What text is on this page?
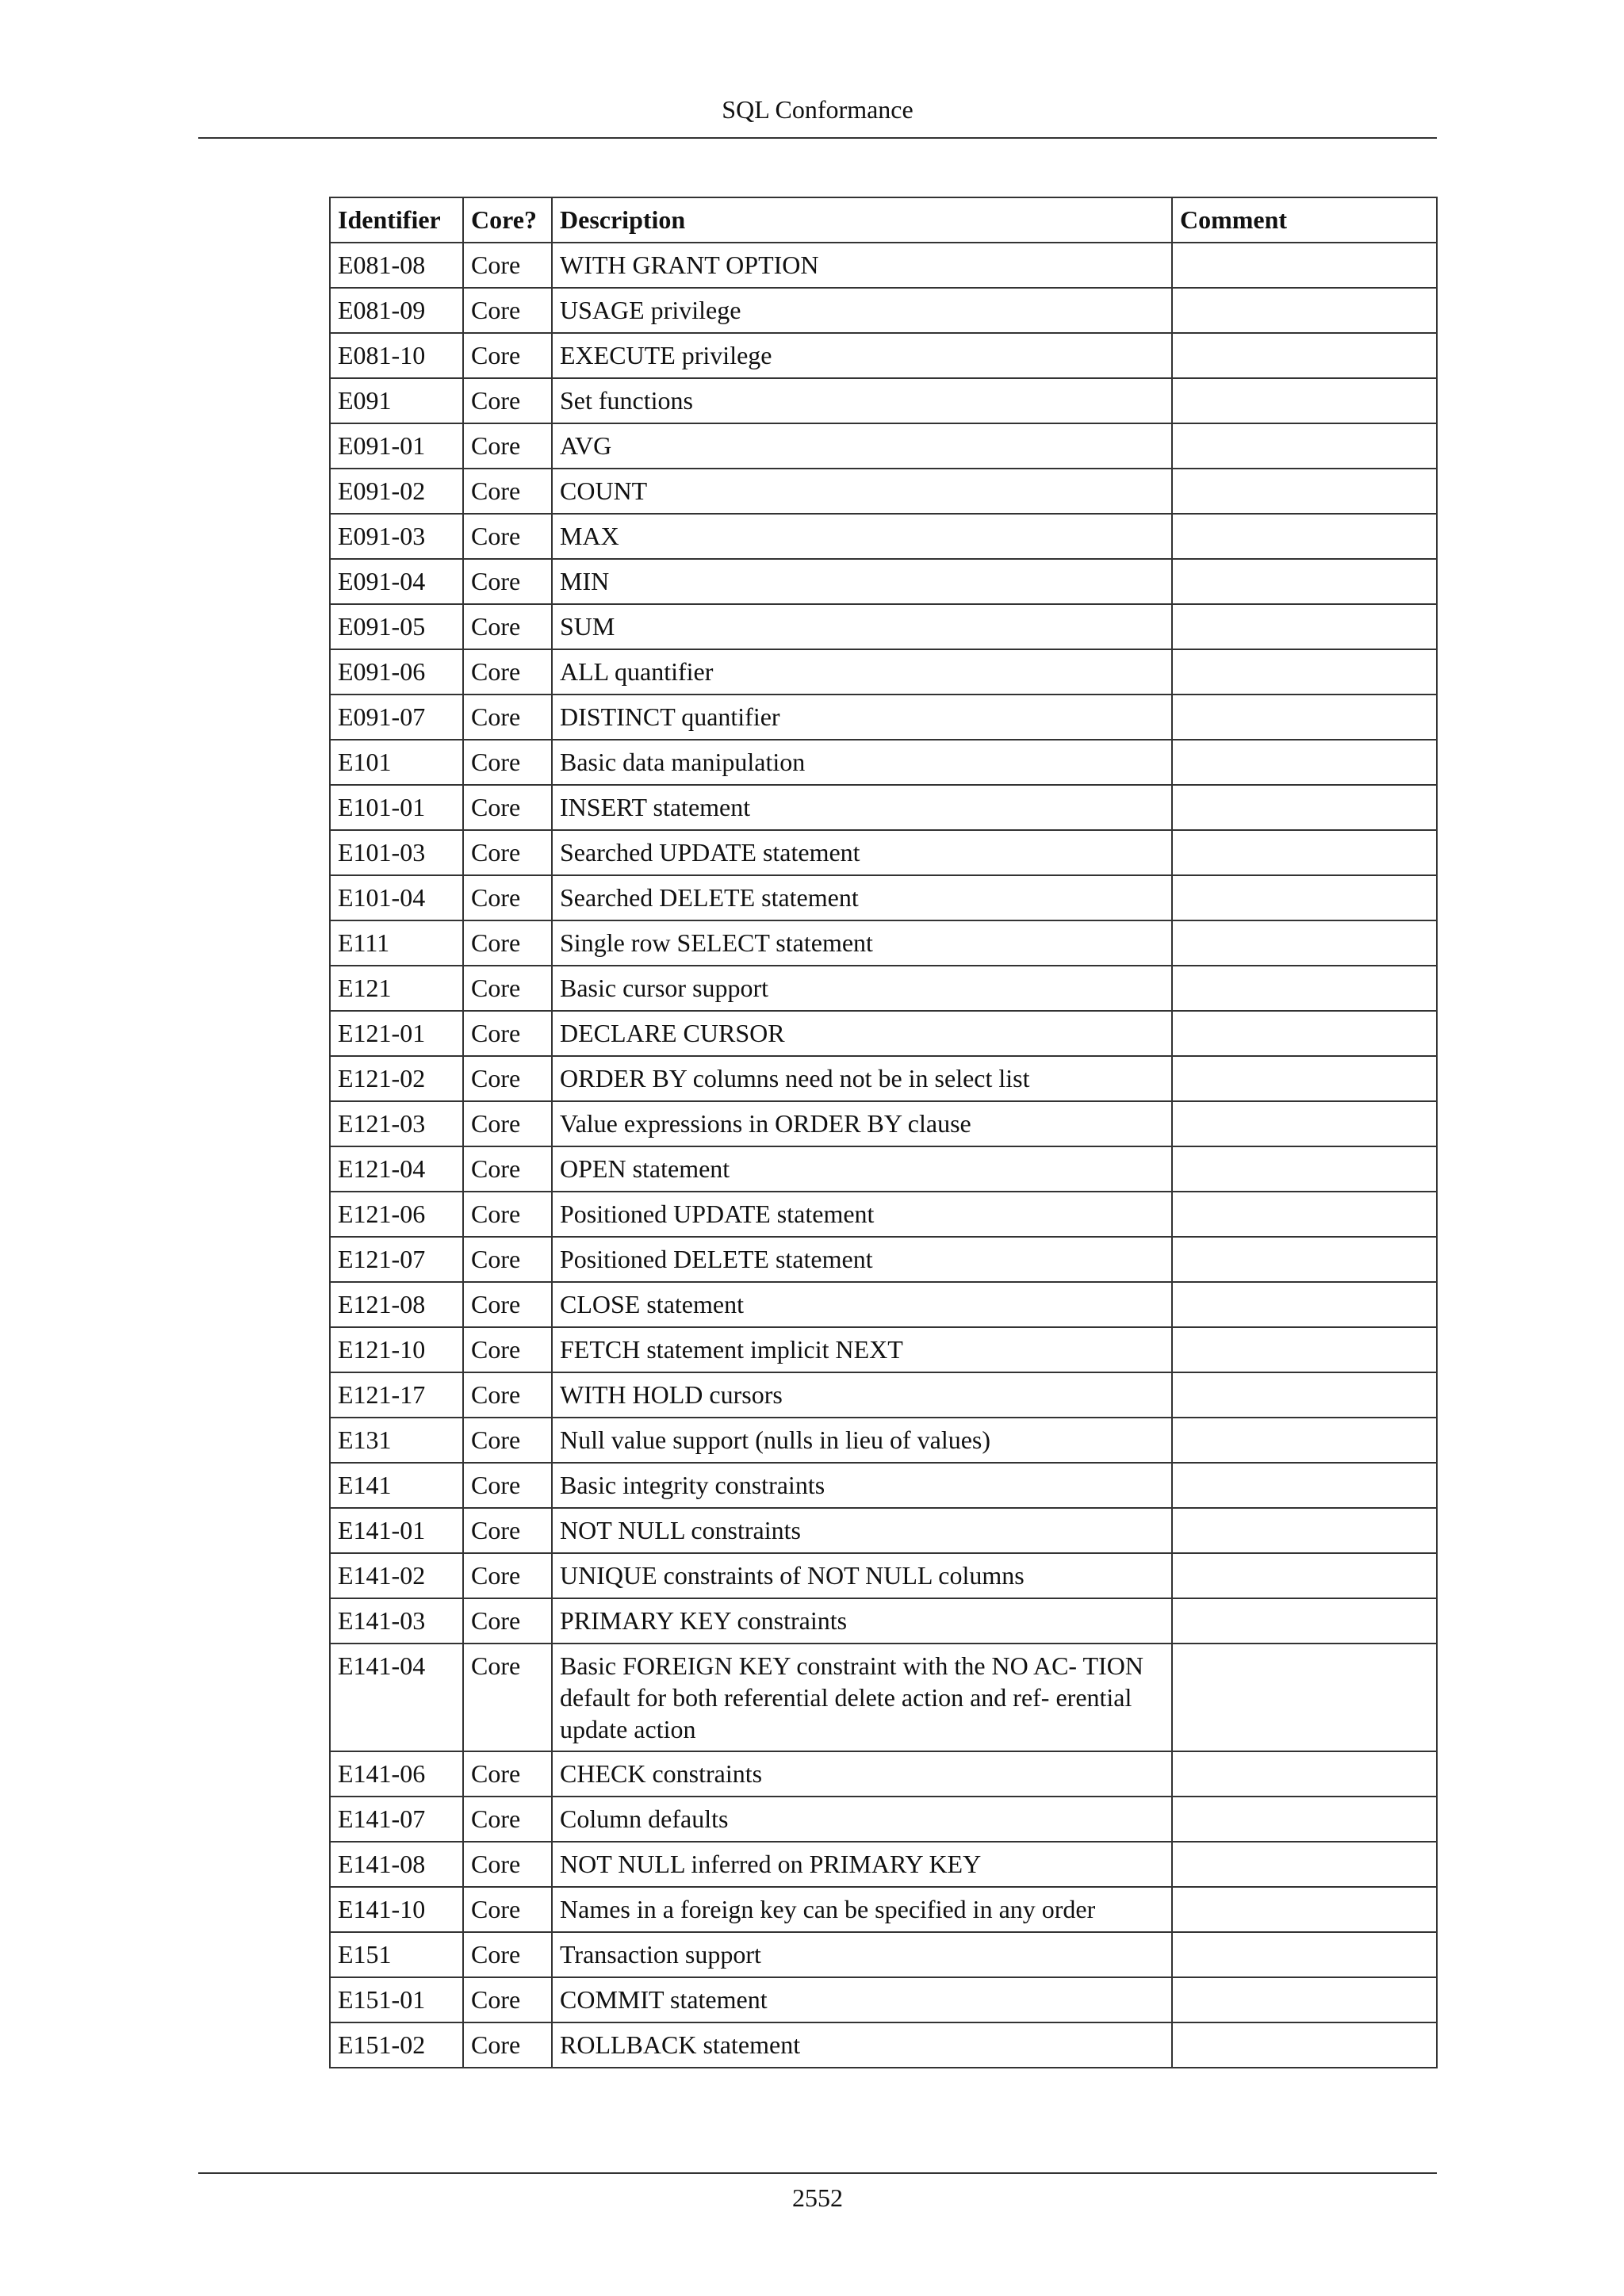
SQL Conformance
Identifier	Core?	Description	Comment
E081-08	Core	WITH GRANT OPTION	
E081-09	Core	USAGE privilege	
E081-10	Core	EXECUTE privilege	
E091	Core	Set functions	
E091-01	Core	AVG	
E091-02	Core	COUNT	
E091-03	Core	MAX	
E091-04	Core	MIN	
E091-05	Core	SUM	
E091-06	Core	ALL quantifier	
E091-07	Core	DISTINCT quantifier	
E101	Core	Basic data manipulation	
E101-01	Core	INSERT statement	
E101-03	Core	Searched UPDATE statement	
E101-04	Core	Searched DELETE statement	
E111	Core	Single row SELECT statement	
E121	Core	Basic cursor support	
E121-01	Core	DECLARE CURSOR	
E121-02	Core	ORDER BY columns need not be in select list	
E121-03	Core	Value expressions in ORDER BY clause	
E121-04	Core	OPEN statement	
E121-06	Core	Positioned UPDATE statement	
E121-07	Core	Positioned DELETE statement	
E121-08	Core	CLOSE statement	
E121-10	Core	FETCH statement implicit NEXT	
E121-17	Core	WITH HOLD cursors	
E131	Core	Null value support (nulls in lieu of values)	
E141	Core	Basic integrity constraints	
E141-01	Core	NOT NULL constraints	
E141-02	Core	UNIQUE constraints of NOT NULL columns	
E141-03	Core	PRIMARY KEY constraints	
E141-04	Core	Basic FOREIGN KEY constraint with the NO AC- TION default for both referential delete action and ref- erential update action	
E141-06	Core	CHECK constraints	
E141-07	Core	Column defaults	
E141-08	Core	NOT NULL inferred on PRIMARY KEY	
E141-10	Core	Names in a foreign key can be specified in any order	
E151	Core	Transaction support	
E151-01	Core	COMMIT statement	
E151-02	Core	ROLLBACK statement	
2552
